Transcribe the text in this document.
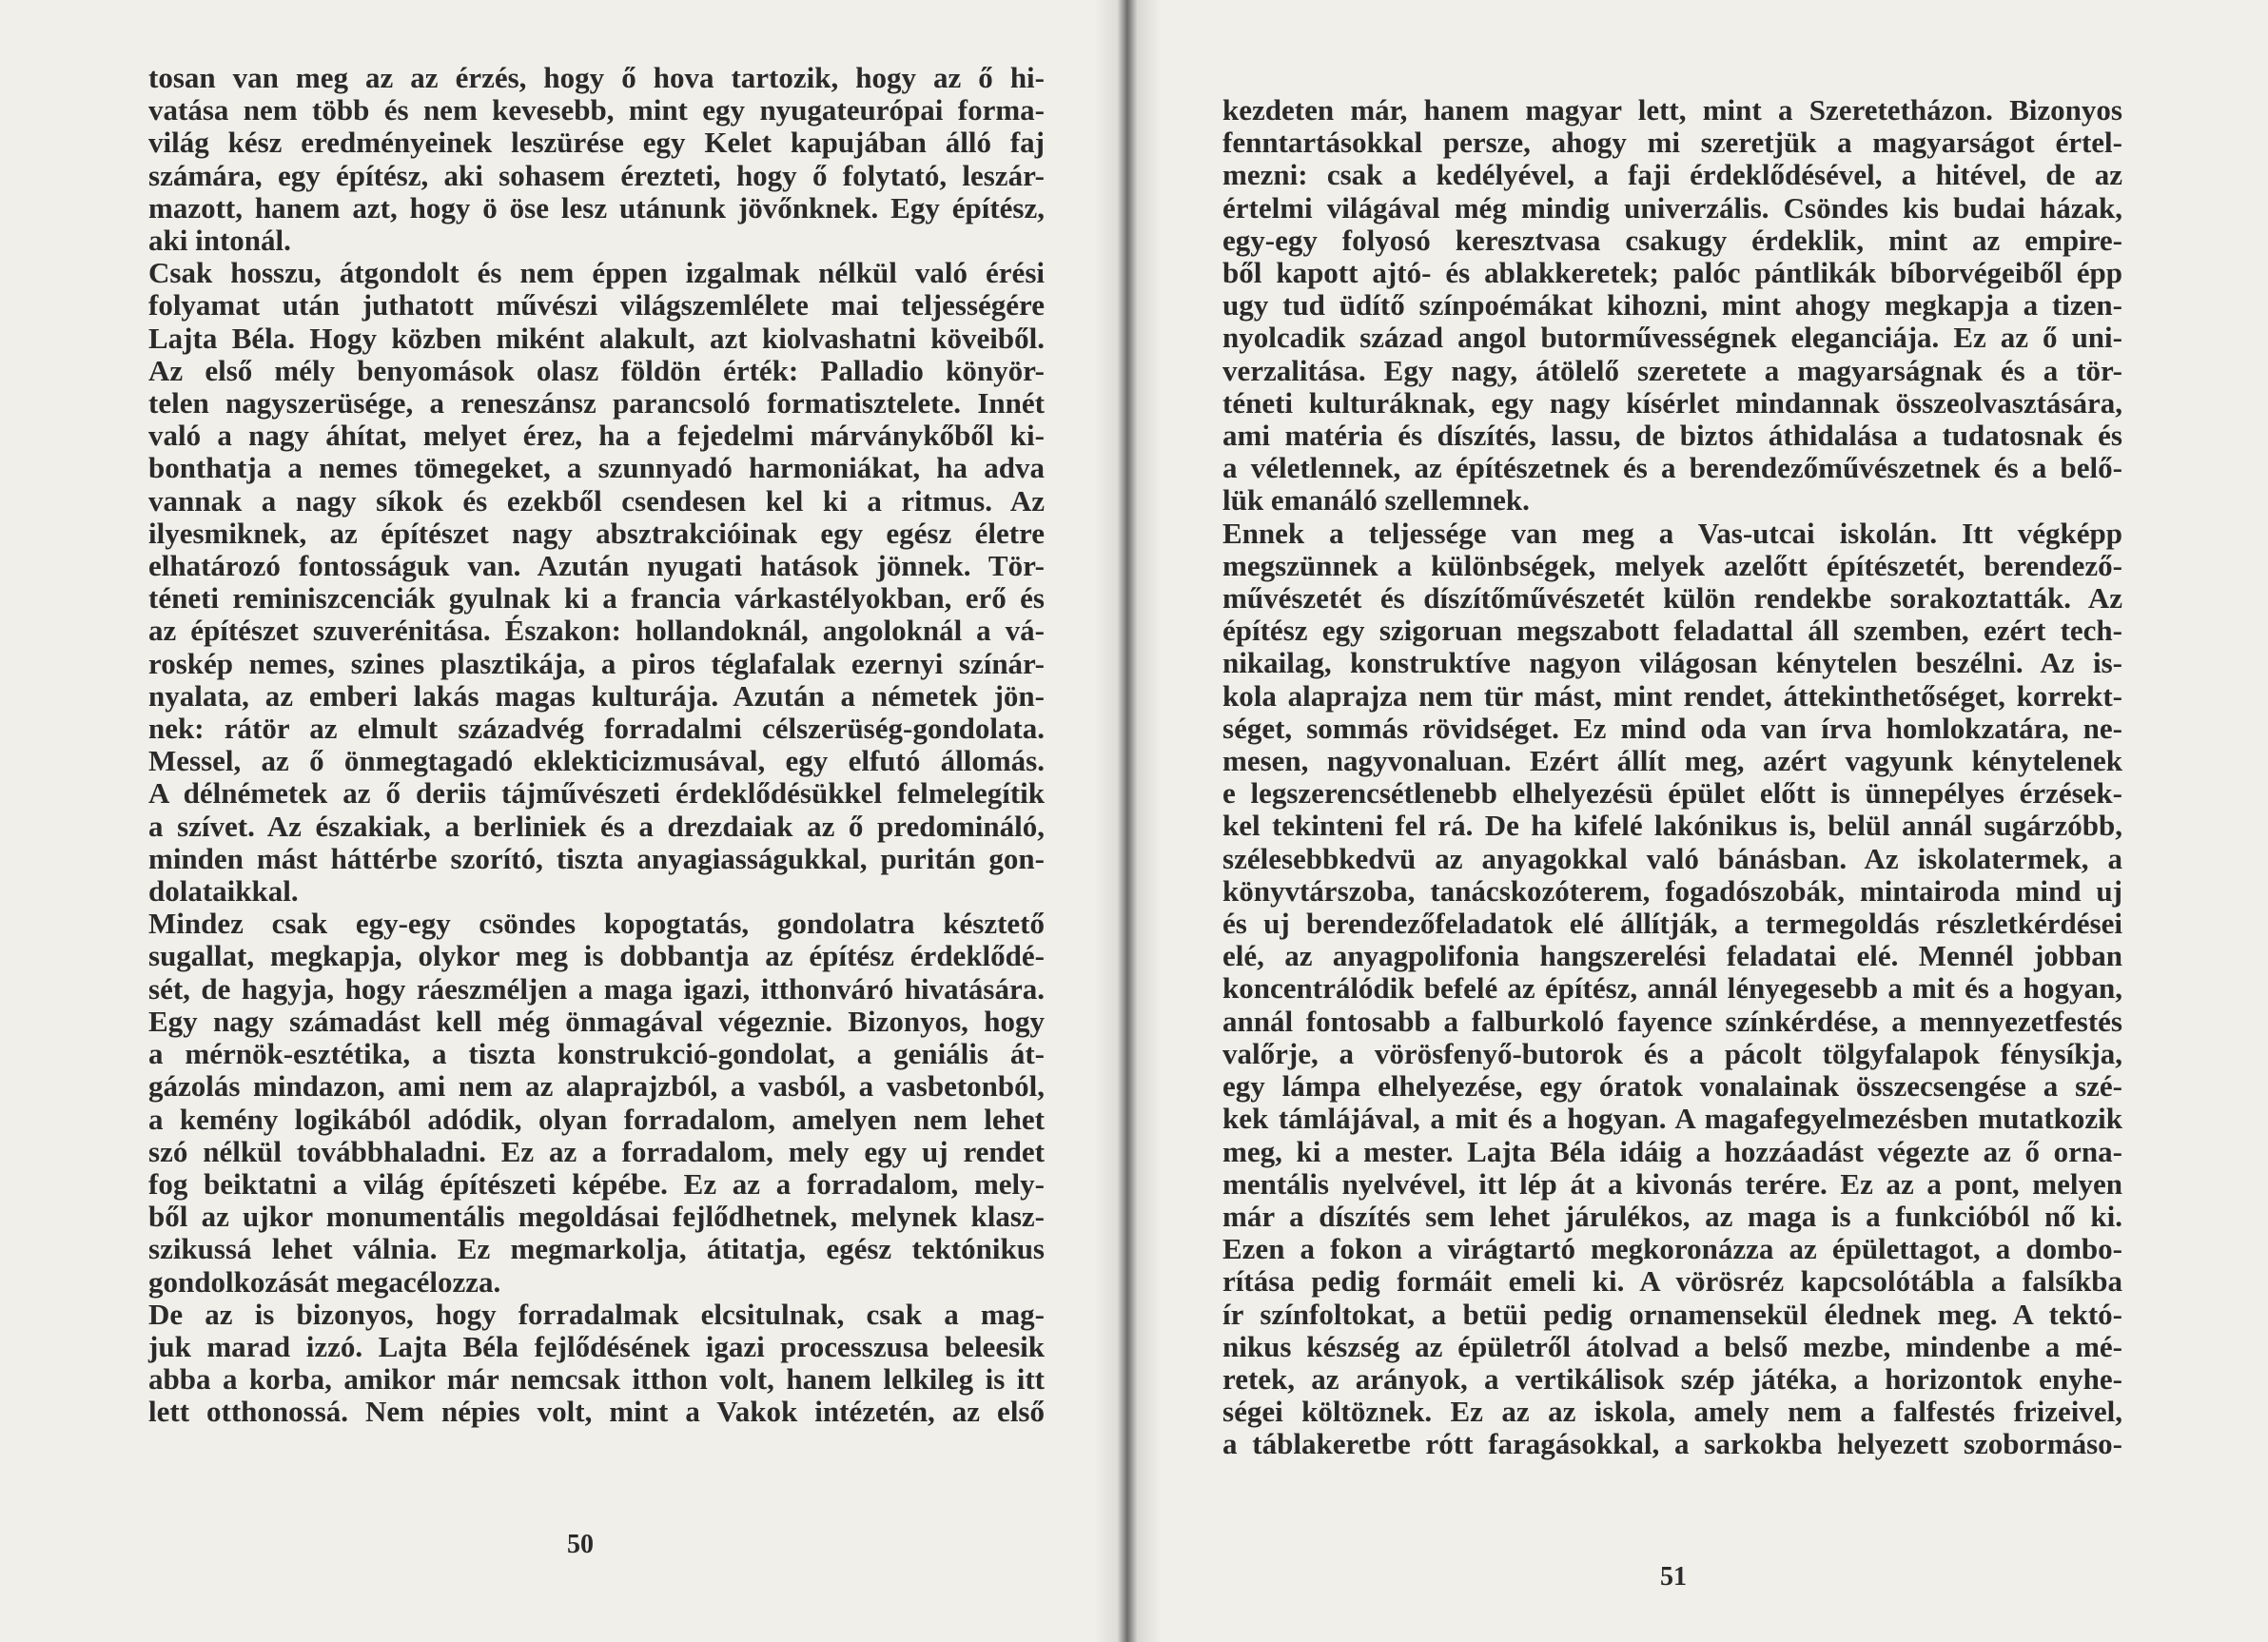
tosan van meg az az érzés, hogy ő hova tartozik, hogy az ő hi-
vatása nem több és nem kevesebb, mint egy nyugateurópai forma-
világ kész eredményeinek leszürése egy Kelet kapujában álló faj
számára, egy építész, aki sohasem érezteti, hogy ő folytató, leszár-
mazott, hanem azt, hogy ö öse lesz utánunk jövőnknek. Egy építész,
aki intonál.
Csak hosszu, átgondolt és nem éppen izgalmak nélkül való érési
folyamat után juthatott művészi világszemlélete mai teljességére
Lajta Béla. Hogy közben miként alakult, azt kiolvashatni köveiből.
Az első mély benyomások olasz földön érték: Palladio könyör-
telen nagyszerüsége, a reneszánsz parancsoló formatisztelete. Innét
való a nagy áhítat, melyet érez, ha a fejedelmi márványkőből ki-
bonthatja a nemes tömegeket, a szunnyadó harmoniákat, ha adva
vannak a nagy síkok és ezekből csendesen kel ki a ritmus. Az
ilyesmiknek, az építészet nagy absztrakcióinak egy egész életre
elhatározó fontosságuk van. Azután nyugati hatások jönnek. Tör-
téneti reminiszcenciák gyulnak ki a francia várkastélyokban, erő és
az építészet szuverénitása. Északon: hollandoknál, angoloknál a vá-
roskép nemes, szines plasztikája, a piros téglafalak ezernyi színár-
nyalata, az emberi lakás magas kulturája. Azután a németek jön-
nek: rátör az elmult századvég forradalmi célszerüség-gondolata.
Messel, az ő önmegtagadó eklekticizmusával, egy elfutó állomás.
A délnémetek az ő deriis tájművészeti érdeklődésükkel felmelegítik
a szívet. Az északiak, a berliniek és a drezdaiak az ő predomináló,
minden mást háttérbe szorító, tiszta anyagiasságukkal, puritán gon-
dolataikkal.
Mindez csak egy-egy csöndes kopogtatás, gondolatra késztető
sugallat, megkapja, olykor meg is dobbantja az építész érdeklődé-
sét, de hagyja, hogy ráeszméljen a maga igazi, itthonváró hivatására.
Egy nagy számadást kell még önmagával végeznie. Bizonyos, hogy
a mérnök-esztétika, a tiszta konstrukció-gondolat, a geniális át-
gázolás mindazon, ami nem az alaprajzból, a vasból, a vasbetonból,
a kemény logikából adódik, olyan forradalom, amelyen nem lehet
szó nélkül továbbhaladni. Ez az a forradalom, mely egy uj rendet
fog beiktatni a világ építészeti képébe. Ez az a forradalom, mely-
ből az ujkor monumentális megoldásai fejlődhetnek, melynek klasz-
szikussá lehet válnia. Ez megmarkolja, átitatja, egész tektónikus
gondolkozását megacélozza.
De az is bizonyos, hogy forradalmak elcsitulnak, csak a mag-
juk marad izzó. Lajta Béla fejlődésének igazi processzusa beleesik
abba a korba, amikor már nemcsak itthon volt, hanem lelkileg is itt
lett otthonossá. Nem népies volt, mint a Vakok intézetén, az első
50
kezdeten már, hanem magyar lett, mint a Szeretetházon. Bizonyos
fenntartásokkal persze, ahogy mi szeretjük a magyarságot értel-
mezni: csak a kedélyével, a faji érdeklődésével, a hitével, de az
értelmi világával még mindig univerzális. Csöndes kis budai házak,
egy-egy folyosó keresztvasa csakugy érdeklik, mint az empire-
ből kapott ajtó- és ablakkeretek; palóc pántlikák bíborvégeiből épp
ugy tud üdítő színpoémákat kihozni, mint ahogy megkapja a tizen-
nyolcadik század angol butorművességnek eleganciája. Ez az ő uni-
verzalitása. Egy nagy, átölelő szeretete a magyarságnak és a tör-
téneti kulturáknak, egy nagy kísérlet mindannak összeolvasztására,
ami matéria és díszítés, lassu, de biztos áthidalása a tudatosnak és
a véletlennek, az építészetnek és a berendezőművészetnek és a belő-
lük emanáló szellemnek.
Ennek a teljessége van meg a Vas-utcai iskolán. Itt végképp
megszünnek a különbségek, melyek azelőtt építészetét, berendező-
művészetét és díszítőművészetét külön rendekbe sorakoztatták. Az
építész egy szigoruan megszabott feladattal áll szemben, ezért tech-
nikailag, konstruktíve nagyon világosan kénytelen beszélni. Az is-
kola alaprajza nem tür mást, mint rendet, áttekinthetőséget, korrekt-
séget, sommás rövidséget. Ez mind oda van írva homlokzatára, ne-
mesen, nagyvonaluan. Ezért állít meg, azért vagyunk kénytelenek
e legszerencsétlenebb elhelyezésü épület előtt is ünnepélyes érzések-
kel tekinteni fel rá. De ha kifelé lakónikus is, belül annál sugárzóbb,
szélesebbkedvü az anyagokkal való bánásban. Az iskolatermek, a
könyvtárszoba, tanácskozóterem, fogadószobák, mintairoda mind uj
és uj berendezőfeladatok elé állítják, a termegoldás részletkérdései
elé, az anyagpolifonia hangszerelési feladatai elé. Mennél jobban
koncentrálódik befelé az építész, annál lényegesebb a mit és a hogyan,
annál fontosabb a falburkoló fayence színkérdése, a mennyezetfestés
valőrje, a vörösfenyő-butorok és a pácolt tölgyfalapok fénysíkja,
egy lámpa elhelyezése, egy óratok vonalainak összecsengése a szé-
kek támlájával, a mit és a hogyan. A magafegyelmezésben mutatkozik
meg, ki a mester. Lajta Béla idáig a hozzáadást végezte az ő orna-
mentális nyelvével, itt lép át a kivonás terére. Ez az a pont, melyen
már a díszítés sem lehet járulékos, az maga is a funkcióból nő ki.
Ezen a fokon a virágtartó megkoronázza az épülettagot, a dombo-
rítása pedig formáit emeli ki. A vörösréz kapcsolótábla a falsíkba
ír színfoltokat, a betüi pedig ornamensekül élednek meg. A tektó-
nikus készség az épületről átolvad a belső mezbe, mindenbe a mé-
retek, az arányok, a vertikálisok szép játéka, a horizontok enyhe-
ségei költöznek. Ez az az iskola, amely nem a falfestés frizeivel,
a táblakeretbe rótt faragásokkal, a sarkokba helyezett szobormáso-
51
